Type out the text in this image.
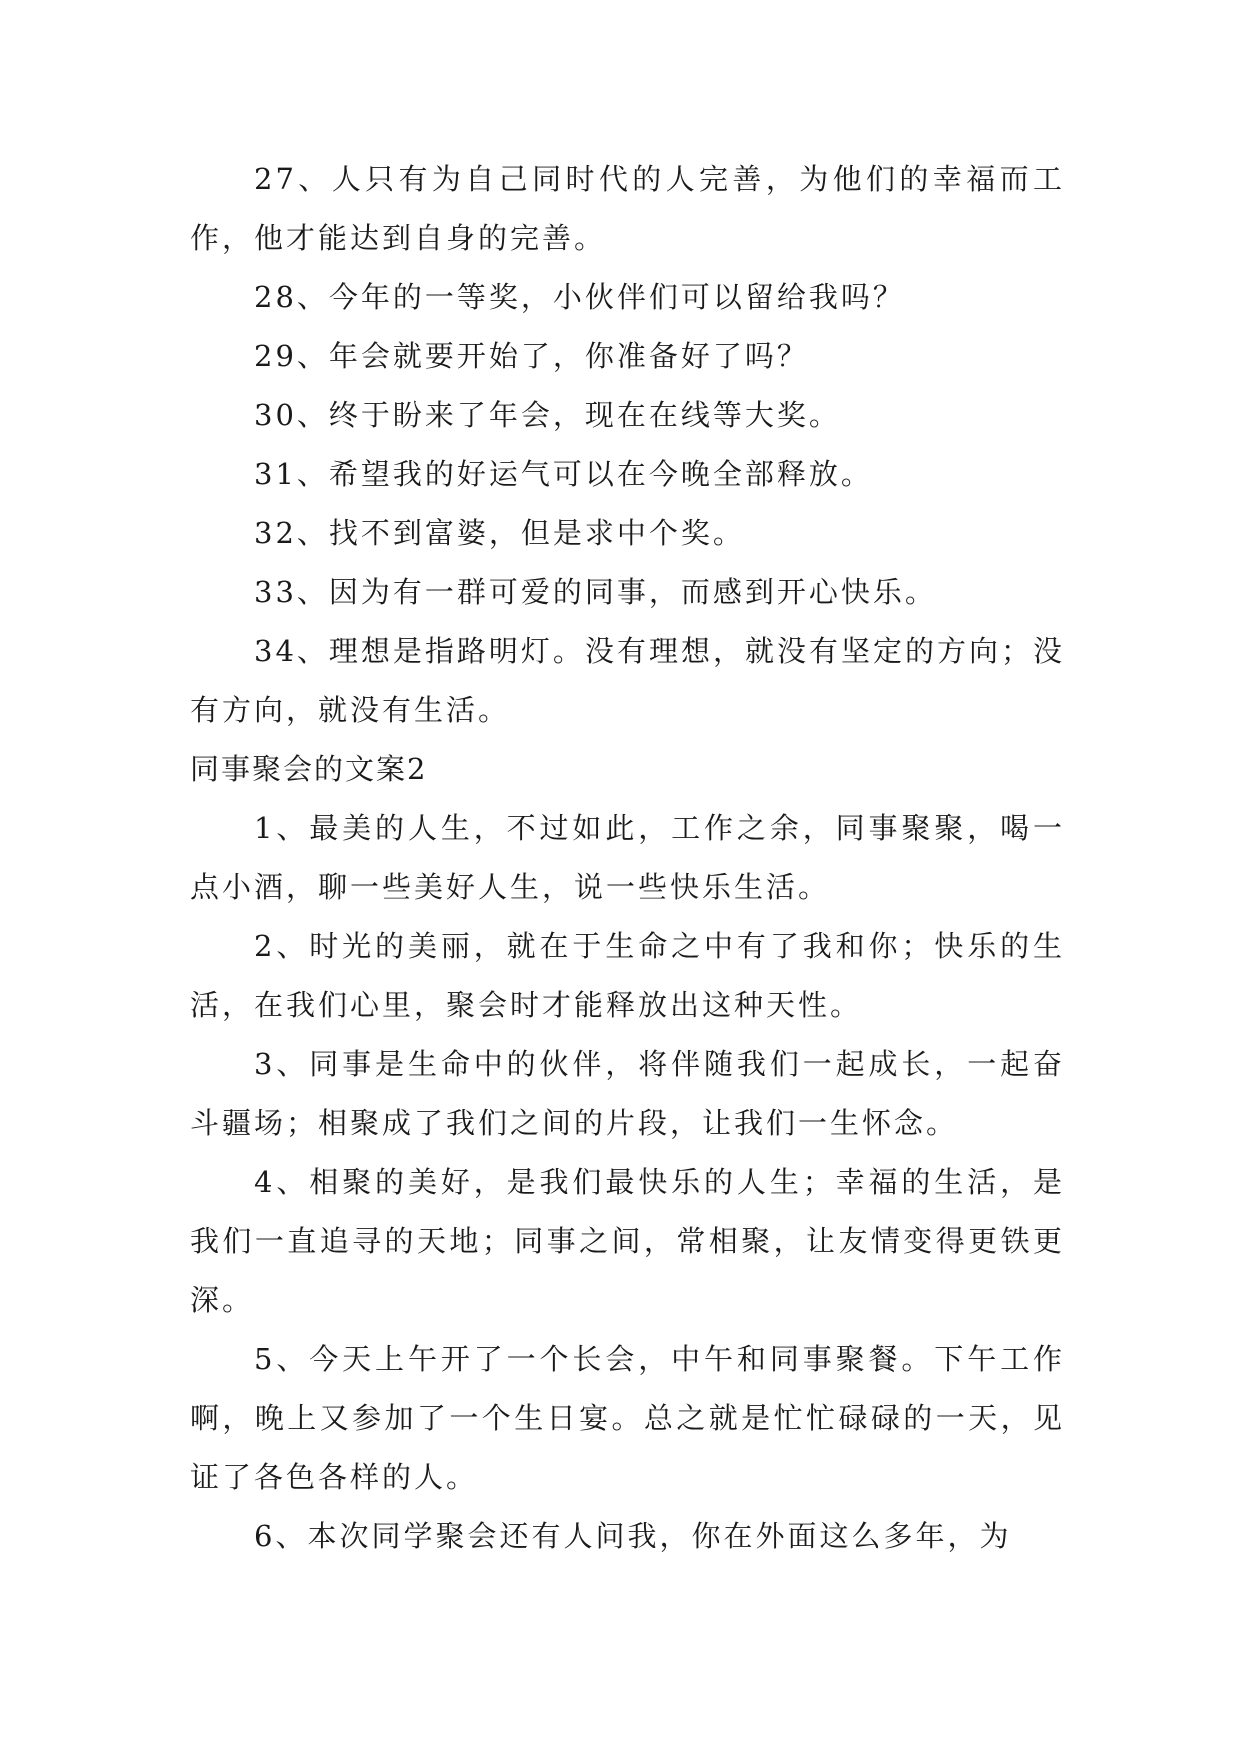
27、人只有为自己同时代的人完善，为他们的幸福而工作，他才能达到自身的完善。

28、今年的一等奖，小伙伴们可以留给我吗？

29、年会就要开始了，你准备好了吗？

30、终于盼来了年会，现在在线等大奖。

31、希望我的好运气可以在今晚全部释放。

32、找不到富婆，但是求中个奖。

33、因为有一群可爱的同事，而感到开心快乐。

34、理想是指路明灯。没有理想，就没有坚定的方向；没有方向，就没有生活。

同事聚会的文案2

1、最美的人生，不过如此，工作之余，同事聚聚，喝一点小酒，聊一些美好人生，说一些快乐生活。

2、时光的美丽，就在于生命之中有了我和你；快乐的生活，在我们心里，聚会时才能释放出这种天性。

3、同事是生命中的伙伴，将伴随我们一起成长，一起奋斗疆场；相聚成了我们之间的片段，让我们一生怀念。

4、相聚的美好，是我们最快乐的人生；幸福的生活，是我们一直追寻的天地；同事之间，常相聚，让友情变得更铁更深。

5、今天上午开了一个长会，中午和同事聚餐。下午工作啊，晚上又参加了一个生日宴。总之就是忙忙碌碌的一天，见证了各色各样的人。

6、本次同学聚会还有人问我，你在外面这么多年，为
